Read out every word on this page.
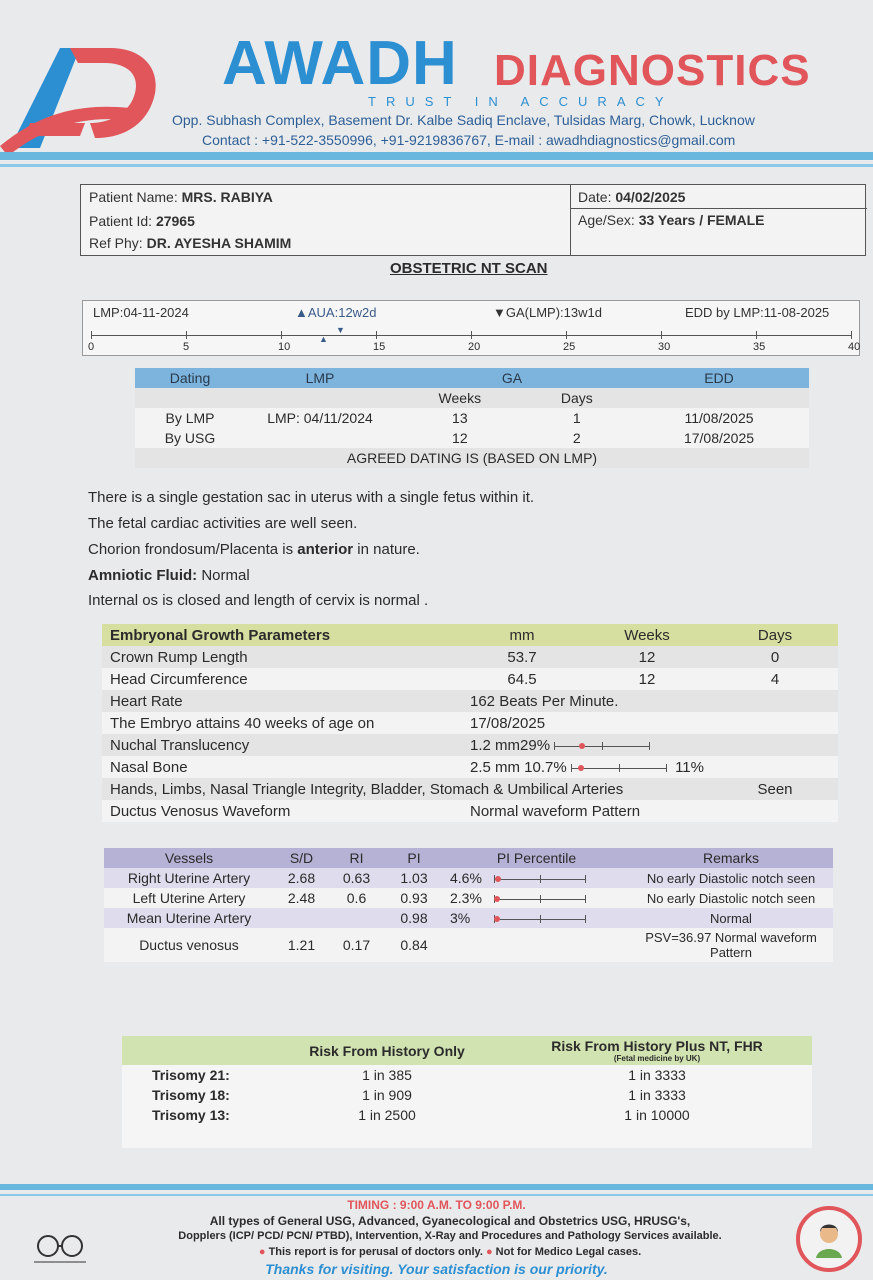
AWADH DIAGNOSTICS
TRUST IN ACCURACY
Opp. Subhash Complex, Basement Dr. Kalbe Sadiq Enclave, Tulsidas Marg, Chowk, Lucknow
Contact : +91-522-3550996, +91-9219836767, E-mail : awadhdiagnostics@gmail.com
Patient Name: MRS. RABIYA
Patient Id: 27965
Ref Phy: DR. AYESHA SHAMIM
Date: 04/02/2025
Age/Sex: 33 Years / FEMALE
OBSTETRIC NT SCAN
LMP:04-11-2024	▲AUA:12w2d	▼GA(LMP):13w1d	EDD by LMP:11-08-2025
0	5	10	15	20	25	30	35	40
▼
▲
Dating	LMP	GA		EDD
		Weeks	Days	
By LMP	LMP: 04/11/2024	13	1	11/08/2025
By USG		12	2	17/08/2025
AGREED DATING IS (BASED ON LMP)				
There is a single gestation sac in uterus with a single fetus within it.
The fetal cardiac activities are well seen.
Chorion frondosum/Placenta is anterior in nature.
Amniotic Fluid: Normal
Internal os is closed and length of cervix is normal .
Embryonal Growth Parameters	mm	Weeks	Days
Crown Rump Length	53.7	12	0
Head Circumference	64.5	12	4
Heart Rate	162 Beats Per Minute.		
The Embryo attains 40 weeks of age on	17/08/2025		
Nuchal Translucency	1.2 mm29%		

Nasal Bone	2.5 mm 10.7% 11%		
Hands, Limbs, Nasal Triangle Integrity, Bladder, Stomach & Umbilical Arteries			Seen
Ductus Venosus Waveform	Normal waveform Pattern		
Vessels	S/D	RI	PI	PI Percentile	Remarks
Right Uterine Artery	2.68	0.63	1.03	4.6%	No early Diastolic notch seen
Left Uterine Artery	2.48	0.6	0.93	2.3%	No early Diastolic notch seen
Mean Uterine Artery			0.98	3%	Normal
Ductus venosus	1.21	0.17	0.84		PSV=36.97 Normal waveform Pattern
	Risk From History Only	Risk From History Plus NT, FHR
(Fetal medicine by UK)

Trisomy 21:	1 in 385	1 in 3333
Trisomy 18:	1 in 909	1 in 3333
Trisomy 13:	1 in 2500	1 in 10000
TIMING : 9:00 A.M. TO 9:00 P.M.
All types of General USG, Advanced, Gyanecological and Obstetrics USG, HRUSG's,
Dopplers (ICP/ PCD/ PCN/ PTBD), Intervention, X-Ray and Procedures and Pathology Services available.
● This report is for perusal of doctors only. ● Not for Medico Legal cases.
Thanks for visiting. Your satisfaction is our priority.
